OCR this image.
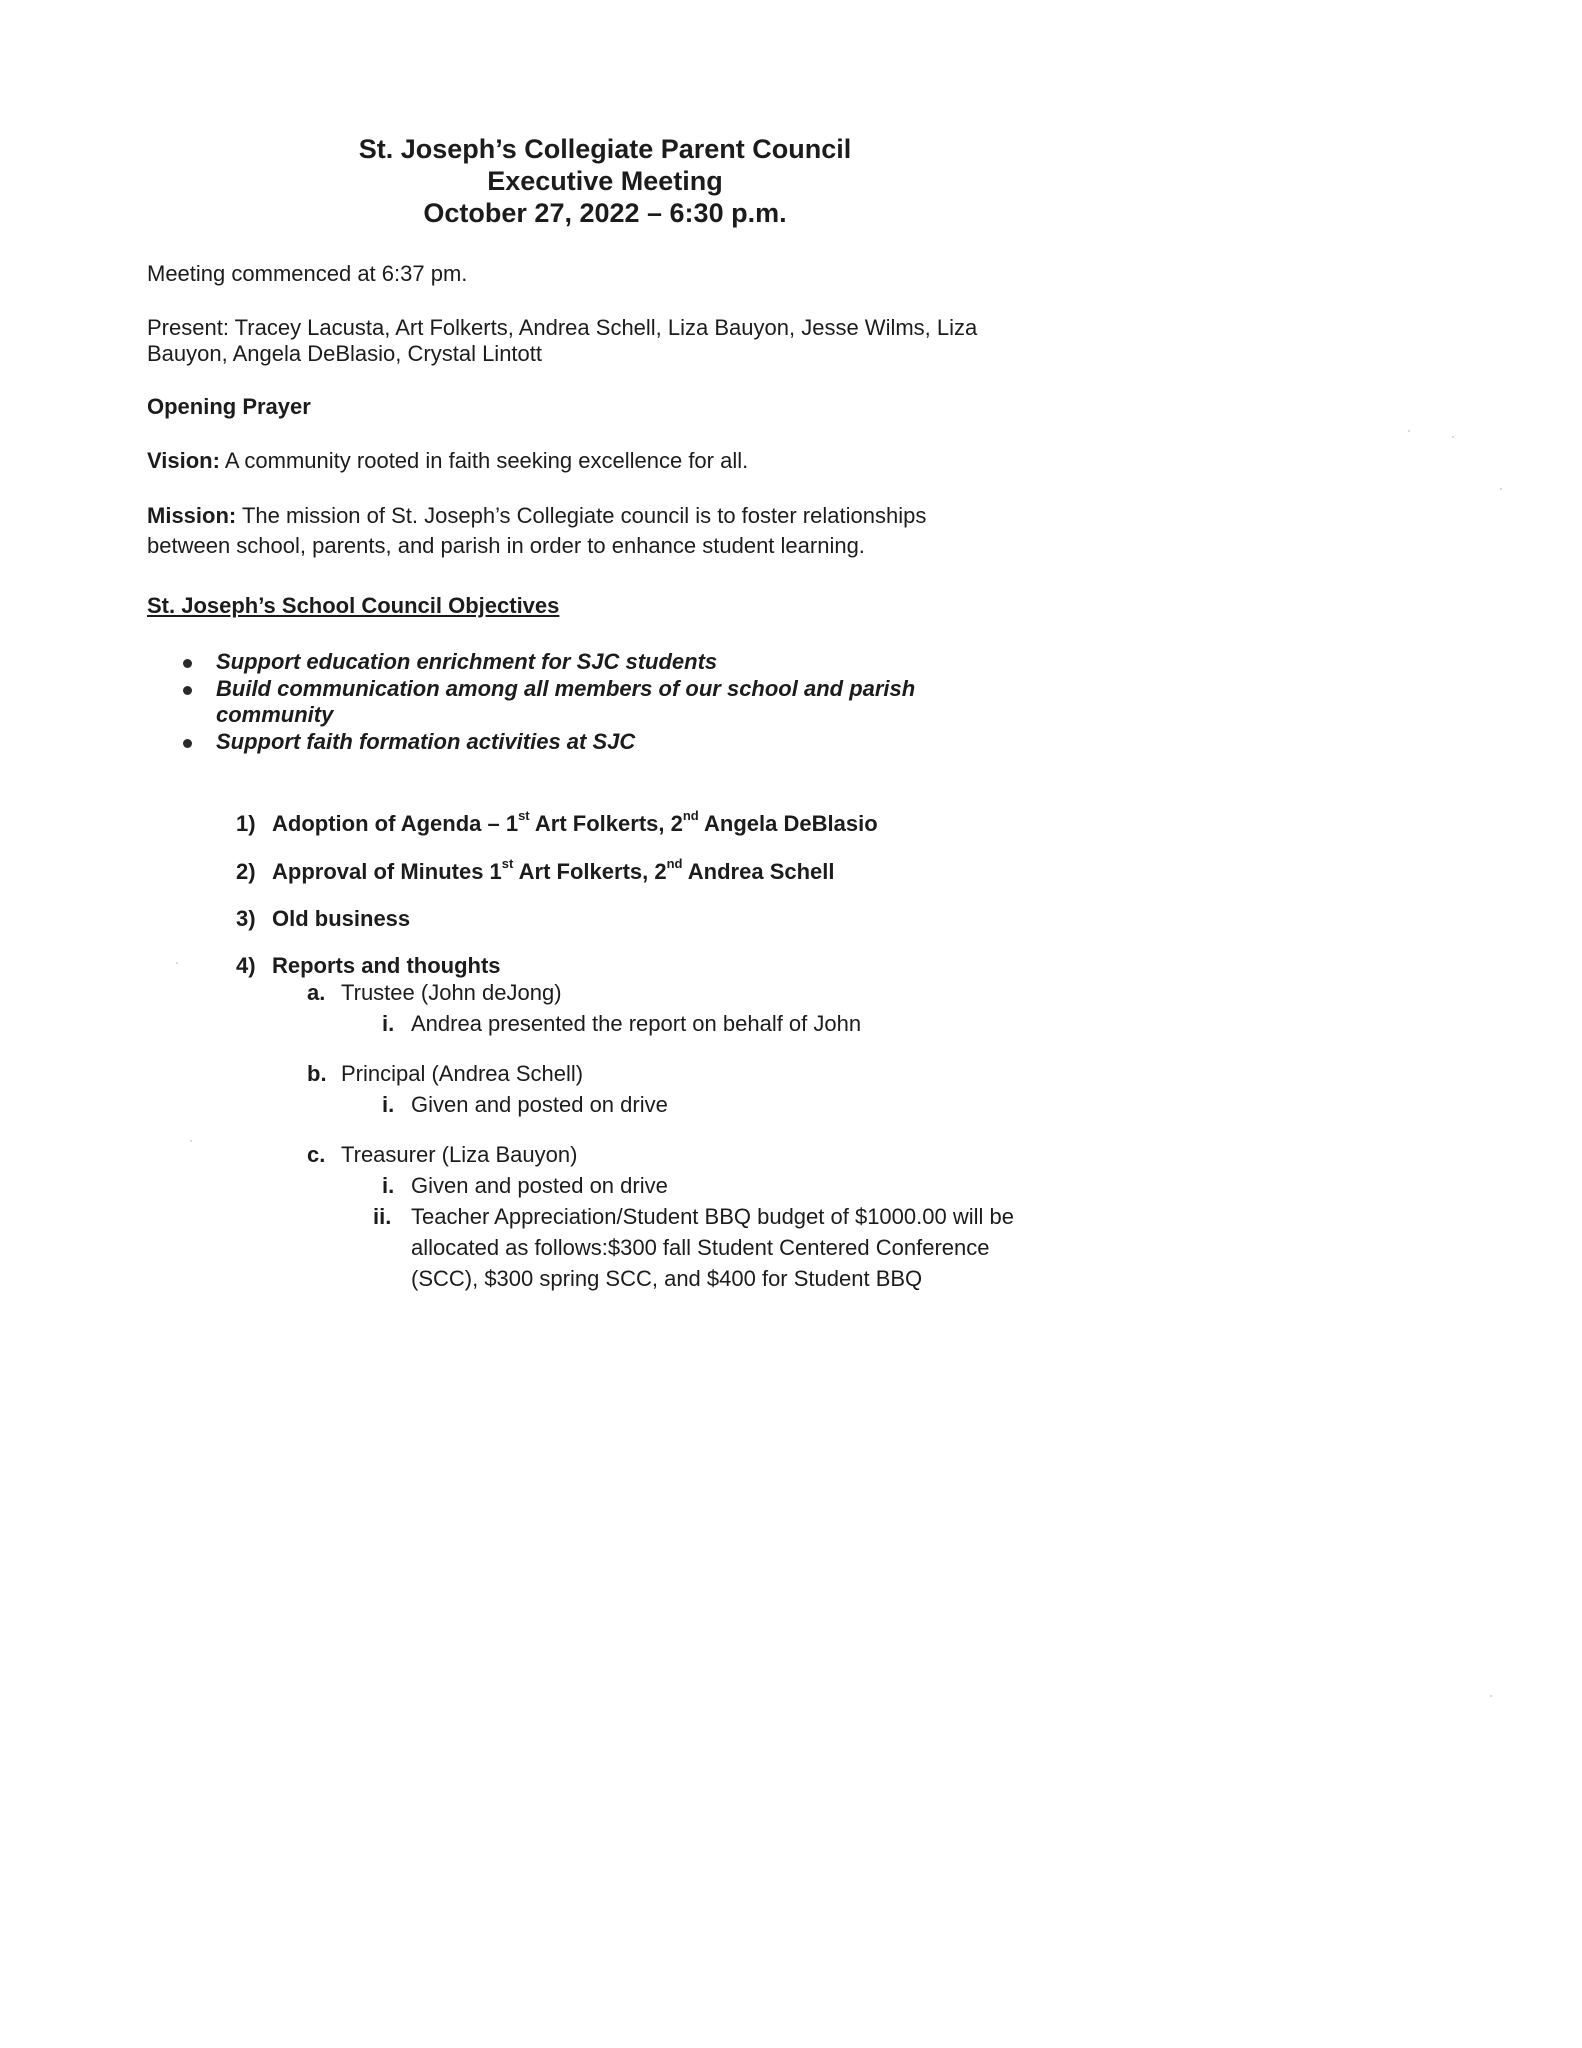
St. Joseph’s Collegiate Parent Council
Executive Meeting
October 27, 2022 – 6:30 p.m.
Meeting commenced at 6:37 pm.
Present: Tracey Lacusta, Art Folkerts, Andrea Schell, Liza Bauyon, Jesse Wilms, Liza
Bauyon, Angela DeBlasio, Crystal Lintott
Opening Prayer
Vision: A community rooted in faith seeking excellence for all.
Mission: The mission of St. Joseph’s Collegiate council is to foster relationships
between school, parents, and parish in order to enhance student learning.
St. Joseph’s School Council Objectives
Support education enrichment for SJC students
Build communication among all members of our school and parish
community
Support faith formation activities at SJC
1) Adoption of Agenda – 1st Art Folkerts, 2nd Angela DeBlasio
2) Approval of Minutes 1st Art Folkerts, 2nd Andrea Schell
3) Old business
4) Reports and thoughts
a. Trustee (John deJong)
i. Andrea presented the report on behalf of John
b. Principal (Andrea Schell)
i. Given and posted on drive
c. Treasurer (Liza Bauyon)
i. Given and posted on drive
ii. Teacher Appreciation/Student BBQ budget of $1000.00 will be
allocated as follows:$300 fall Student Centered Conference
(SCC), $300 spring SCC, and $400 for Student BBQ
